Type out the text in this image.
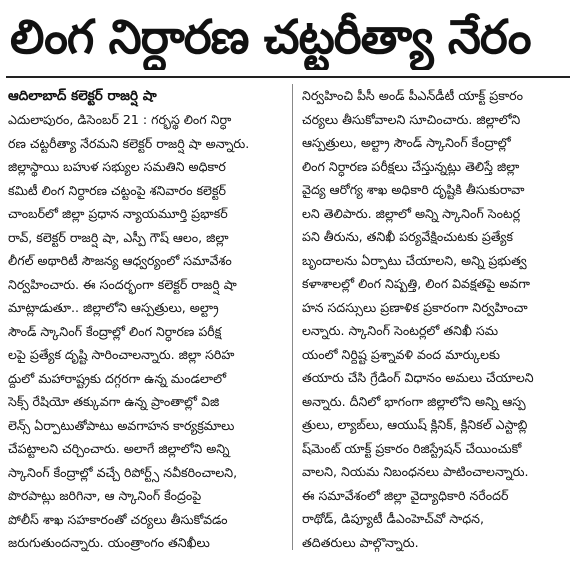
లింగ నిర్ధారణ చట్టరీత్యా నేరం
ఆదిలాబాద్ కలెక్టర్ రాజర్షి షా
ఎదులాపురం, డిసెంబర్ 21 : గర్భస్థ లింగ నిర్ధా
రణ చట్టరీత్యా నేరమని కలెక్టర్ రాజర్షి షా అన్నారు.
జిల్లాస్థాయి బహుళ సభ్యుల సమతిని అధికార
కమిటీ లింగ నిర్ధారణ చట్టంపై శనివారం కలెక్టర్
చాంబర్‌లో జిల్లా ప్రధాన న్యాయమూర్తి ప్రభాకర్
రావ్, కలెక్టర్ రాజర్షి షా, ఎస్పీ గౌష్ ఆలం, జిల్లా
లీగల్ అథారిటీ సౌజన్య ఆధ్వర్యంలో సమావేశం
నిర్వహించారు. ఈ సందర్భంగా కలెక్టర్ రాజర్షి షా
మాట్లాడుతూ.. జిల్లాలోని ఆస్పత్రులు, అల్ట్రా
సౌండ్ స్కానింగ్ కేంద్రాల్లో లింగ నిర్ధారణ పరీక్ష
లపై ప్రత్యేక దృష్టి సారించాలన్నారు. జిల్లా సరిహ
ద్దులో మహారాష్ట్రకు దగ్గరగా ఉన్న మండలాలో
సెక్స్ రేషియో తక్కువగా ఉన్న ప్రాంతాల్లో విజి
లెన్స్ ఏర్పాటుతోపాటు అవగాహన కార్యక్రమాలు
చేపట్టాలని చర్చించారు. అలాగే జిల్లాలోని అన్ని
స్కానింగ్ కేంద్రాల్లో వచ్చే రిపోర్ట్స్ నవీకరించాలని,
పొరపాట్లు జరిగినా, ఆ స్కానింగ్ కేంద్రంపై
పోలీస్ శాఖ సహకారంతో చర్యలు తీసుకోవడం
జరుగుతుందన్నారు. యంత్రాంగం తనిఖీలు
నిర్వహించి పీసీ అండ్ పీఎన్‌డీటీ యాక్ట్ ప్రకారం
చర్యలు తీసుకోవాలని సూచించారు. జిల్లాలోని
ఆస్పత్రులు, అల్ట్రా సౌండ్ స్కానింగ్ కేంద్రాల్లో
లింగ నిర్ధారణ పరీక్షలు చేస్తున్నట్లు తెలిస్తే జిల్లా
వైద్య ఆరోగ్య శాఖ అధికారి దృష్టికి తీసుకురావా
లని తెలిపారు. జిల్లాలో అన్ని స్కానింగ్ సెంటర్ల
పని తీరును, తనిఖీ పర్యవేక్షించుటకు ప్రత్యేక
బృందాలను ఏర్పాటు చేయాలని, అన్ని ప్రభుత్వ
కళాశాలల్లో లింగ నిష్పత్తి, లింగ వివక్షతపై అవగా
హన సదస్సులు ప్రణాళిక ప్రకారంగా నిర్వహించా
లన్నారు. స్కానింగ్ సెంటర్లలో తనిఖీ సమ
యంలో నిర్దిష్ట ప్రశ్నావళి వంద మార్కులకు
తయారు చేసి గ్రేడింగ్ విధానం అమలు చేయాలని
అన్నారు. దీనిలో భాగంగా జిల్లాలోని అన్ని ఆస్ప
త్రులు, ల్యాబ్‌లు, ఆయుష్ క్లినిక్, క్లినికల్ ఎస్టాబ్లి
ష్‌మెంట్ యాక్ట్ ప్రకారం రిజిస్ట్రేషన్ చేయించుకో
వాలని, నియమ నిబంధనలు పాటించాలన్నారు.
ఈ సమావేశంలో జిల్లా వైద్యాధికారి నరేందర్
రాథోడ్, డిప్యూటీ డీఎంహెచ్‌వో సాధన,
తదితరులు పాల్గొన్నారు.
